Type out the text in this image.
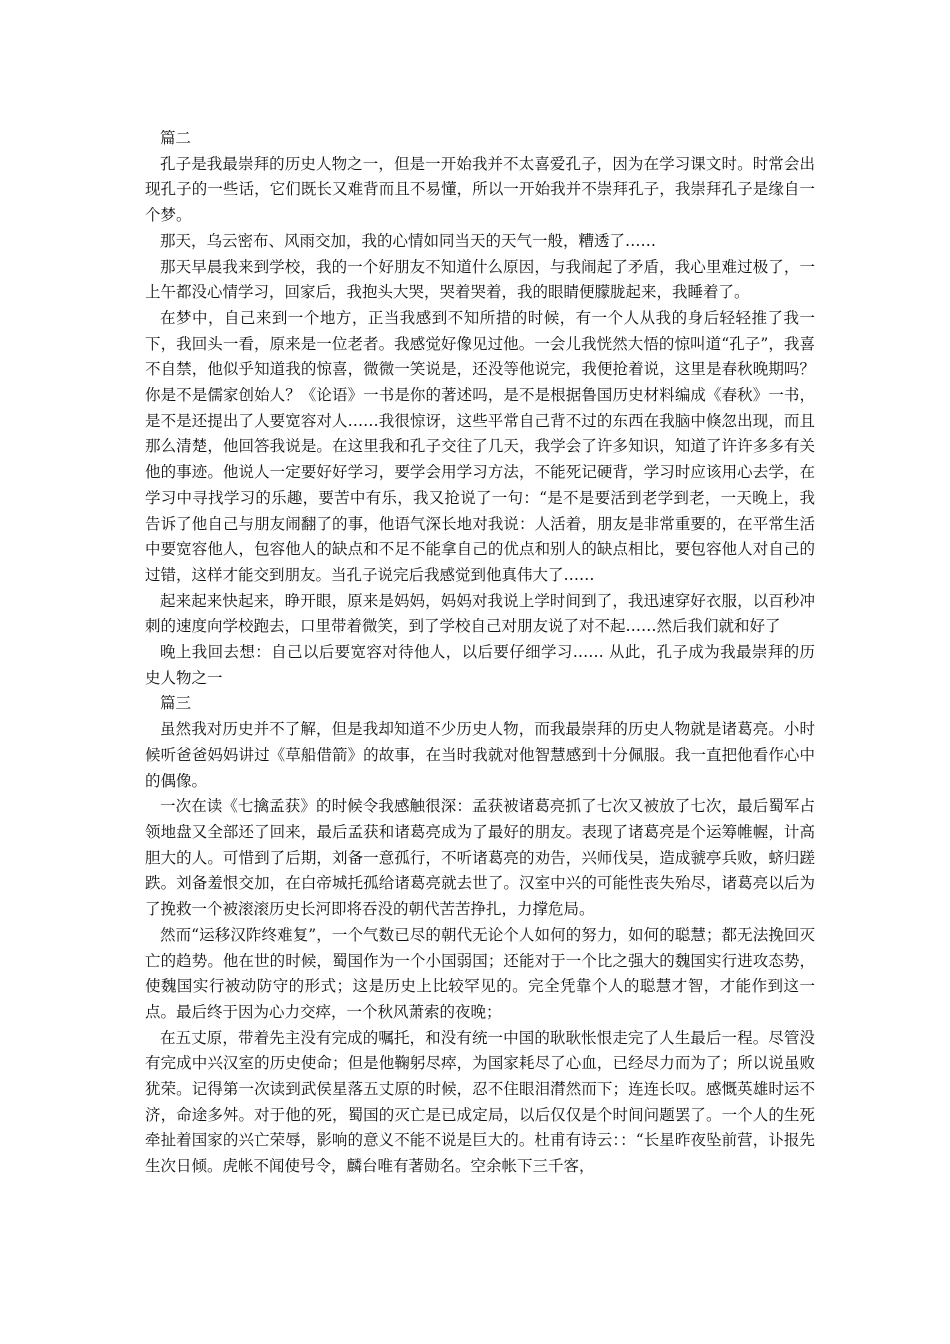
篇二

孔子是我最崇拜的历史人物之一，但是一开始我并不太喜爱孔子，因为在学习课文时。时常会出现孔子的一些话，它们既长又难背而且不易懂，所以一开始我并不崇拜孔子，我崇拜孔子是缘自一个梦。

那天，乌云密布、风雨交加，我的心情如同当天的天气一般，糟透了……

那天早晨我来到学校，我的一个好朋友不知道什么原因，与我闹起了矛盾，我心里难过极了，一上午都没心情学习，回家后，我抱头大哭，哭着哭着，我的眼睛便朦胧起来，我睡着了。

在梦中，自己来到一个地方，正当我感到不知所措的时候，有一个人从我的身后轻轻推了我一下，我回头一看，原来是一位老者。我感觉好像见过他。一会儿我恍然大悟的惊叫道“孔子”，我喜不自禁，他似乎知道我的惊喜，微微一笑说是，还没等他说完，我便抢着说，这里是春秋晚期吗？你是不是儒家创始人？《论语》一书是你的著述吗，是不是根据鲁国历史材料编成《春秋》一书，是不是还提出了人要宽容对人……我很惊讶，这些平常自己背不过的东西在我脑中倏忽出现，而且那么清楚，他回答我说是。在这里我和孔子交往了几天，我学会了许多知识，知道了许许多多有关他的事迹。他说人一定要好好学习，要学会用学习方法，不能死记硬背，学习时应该用心去学，在学习中寻找学习的乐趣，要苦中有乐，我又抢说了一句：“是不是要活到老学到老，一天晚上，我告诉了他自己与朋友闹翻了的事，他语气深长地对我说：人活着，朋友是非常重要的，在平常生活中要宽容他人，包容他人的缺点和不足不能拿自己的优点和别人的缺点相比，要包容他人对自己的过错，这样才能交到朋友。当孔子说完后我感觉到他真伟大了……

起来起来快起来，睁开眼，原来是妈妈，妈妈对我说上学时间到了，我迅速穿好衣服，以百秒冲刺的速度向学校跑去，口里带着微笑，到了学校自己对朋友说了对不起……然后我们就和好了

晚上我回去想：自己以后要宽容对待他人，以后要仔细学习…… 从此，孔子成为我最崇拜的历史人物之一

篇三

虽然我对历史并不了解，但是我却知道不少历史人物，而我最崇拜的历史人物就是诸葛亮。小时候听爸爸妈妈讲过《草船借箭》的故事，在当时我就对他智慧感到十分佩服。我一直把他看作心中的偶像。

一次在读《七擒孟获》的时候令我感触很深：孟获被诸葛亮抓了七次又被放了七次，最后蜀军占领地盘又全部还了回来，最后孟获和诸葛亮成为了最好的朋友。表现了诸葛亮是个运筹帷幄，计高胆大的人。可惜到了后期，刘备一意孤行，不听诸葛亮的劝告，兴师伐吴，造成虢亭兵败，蛴归蹉跌。刘备羞恨交加，在白帝城托孤给诸葛亮就去世了。汉室中兴的可能性丧失殆尽，诸葛亮以后为了挽救一个被滚滚历史长河即将吞没的朝代苦苦挣扎，力撑危局。

然而“运移汉阼终难复”，一个气数已尽的朝代无论个人如何的努力，如何的聪慧；都无法挽回灭亡的趋势。他在世的时候，蜀国作为一个小国弱国；还能对于一个比之强大的魏国实行进攻态势，使魏国实行被动防守的形式；这是历史上比较罕见的。完全凭靠个人的聪慧才智，才能作到这一点。最后终于因为心力交瘁，一个秋风萧索的夜晚；

在五丈原，带着先主没有完成的嘱托，和没有统一中国的耿耿怅恨走完了人生最后一程。尽管没有完成中兴汉室的历史使命；但是他鞠躬尽瘁，为国家耗尽了心血，已经尽力而为了；所以说虽败犹荣。记得第一次读到武侯星落五丈原的时候，忍不住眼泪潸然而下；连连长叹。感慨英雄时运不济，命途多舛。对于他的死，蜀国的灭亡是已成定局，以后仅仅是个时间问题罢了。一个人的生死牵扯着国家的兴亡荣辱，影响的意义不能不说是巨大的。杜甫有诗云：：“长星昨夜坠前营，讣报先生次日倾。虎帐不闻使号令，麟台唯有著勋名。空余帐下三千客，
